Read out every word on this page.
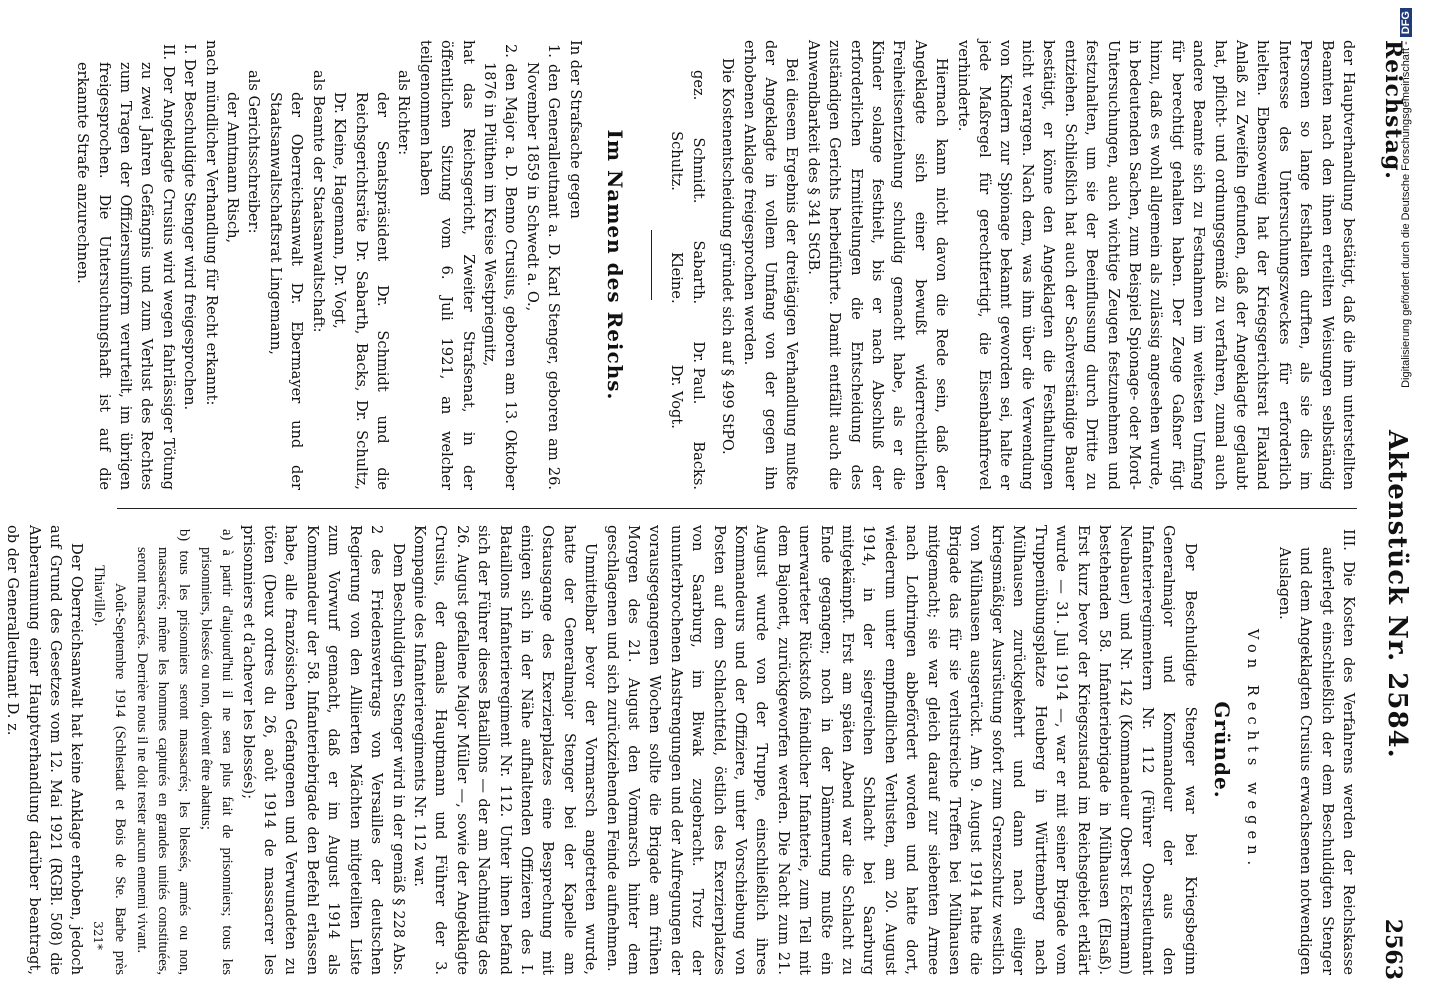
Reichstag.
Aktenstück Nr. 2584.
2563

der Hauptverhandlung bestätigt, daß die ihm unterstellten Beamten nach den ihnen erteilten Weisungen selbständig Personen so lange festhalten durften, als sie dies im Interesse des Untersuchungszweckes für erforderlich hielten. Ebensowenig hat der Kriegsgerichtsrat Flaxland Anlaß zu Zweifeln gefunden, daß der Angeklagte geglaubt hat, pflicht- und ordnungsgemäß zu verfahren, zumal auch andere Beamte sich zu Festnahmen im weitesten Umfang für berechtigt gehalten haben. Der Zeuge Gaßner fügt hinzu, daß es wohl allgemein als zulässig angesehen wurde, in bedeutenden Sachen, zum Beispiel Spionage- oder Mord-Untersuchungen, auch wichtige Zeugen festzunehmen und festzuhalten, um sie der Beeinflussung durch Dritte zu entziehen. Schließlich hat auch der Sachverständige Bauer bestätigt, er könne den Angeklagten die Festhaltungen nicht verargen. Nach dem, was ihm über die Verwendung von Kindern zur Spionage bekannt geworden sei, halte er jede Maßregel für gerechtfertigt, die Eisenbahnfrevel verhinderte.

Hiernach kann nicht davon die Rede sein, daß der Angeklagte sich einer bewußt widerrechtlichen Freiheitsentziehung schuldig gemacht habe, als er die Kinder solange festhielt, bis er nach Abschluß der erforderlichen Ermittelungen die Entscheidung des zuständigen Gerichts herbeiführte. Damit entfällt auch die Anwendbarkeit des § 341 StGB.

Bei diesem Ergebnis der dreitägigen Verhandlung mußte der Angeklagte in vollem Umfang von der gegen ihn erhobenen Anklage freigesprochen werden.

Die Kostenentscheidung gründet sich auf § 499 StPO.

gez.
Schmidt.
Sabarth.
Dr. Paul.
Backs.
Schultz.
Kleine.
Dr. Vogt.
Im Namen des Reichs.

In der Strafsache gegen

1. den Generalleutnant a. D. Karl Stenger, geboren am 26. November 1859 in Schwedt a. O.,

2. den Major a. D. Benno Crusius, geboren am 13. Oktober 1876 in Plüthen im Kreise Westpriegnitz,

hat das Reichsgericht, Zweiter Strafsenat, in der öffentlichen Sitzung vom 6. Juli 1921, an welcher teilgenommen haben

als Richter:

der Senatspräsident Dr. Schmidt und die Reichsgerichtsräte Dr. Sabarth, Backs, Dr. Schultz, Dr. Kleine, Hagemann, Dr. Vogt,

als Beamte der Staatsanwaltschaft:

der Oberreichsanwalt Dr. Ebermayer und der Staatsanwaltschaftsrat Lingemann,

als Gerichtsschreiber:

der Amtmann Risch,

nach mündlicher Verhandlung für Recht erkannt:

I. Der Beschuldigte Stenger wird freigesprochen.

II. Der Angeklagte Crusius wird wegen fahrlässiger Tötung zu zwei Jahren Gefängnis und zum Verlust des Rechtes zum Tragen der Offiziersuniform verurteilt, im übrigen freigesprochen. Die Untersuchungshaft ist auf die erkannte Strafe anzurechnen.

III. Die Kosten des Verfahrens werden der Reichskasse auferlegt einschließlich der dem Beschuldigten Stenger und dem Angeklagten Crusius erwachsenen notwendigen Auslagen.

Von Rechts wegen.

Gründe.

Der Beschuldigte Stenger war bei Kriegsbeginn Generalmajor und Kommandeur der aus den Infanterieregimentern Nr. 112 (Führer Oberstleutnant Neubauer) und Nr. 142 (Kommandeur Oberst Eckermann) bestehenden 58. Infanteriebrigade in Mülhausen (Elsaß). Erst kurz bevor der Kriegszustand im Reichsgebiet erklärt wurde — 31. Juli 1914 —, war er mit seiner Brigade vom Truppenübungsplatze Heuberg in Württemberg nach Mülhausen zurückgekehrt und dann nach eiliger kriegsmäßiger Ausrüstung sofort zum Grenzschutz westlich von Mülhausen ausgerückt. Am 9. August 1914 hatte die Brigade das für sie verlustreiche Treffen bei Mülhausen mitgemacht; sie war gleich darauf zur siebenten Armee nach Lothringen abbefördert worden und hatte dort, wiederum unter empfindlichen Verlusten, am 20. August 1914, in der siegreichen Schlacht bei Saarburg mitgekämpft. Erst am späten Abend war die Schlacht zu Ende gegangen; noch in der Dämmerung mußte ein unerwarteter Rückstoß feindlicher Infanterie, zum Teil mit dem Bajonett, zurückgeworfen werden. Die Nacht zum 21. August wurde von der Truppe, einschließlich ihres Kommandeurs und der Offiziere, unter Vorschiebung von Posten auf dem Schlachtfeld, östlich des Exerzierplatzes von Saarburg, im Biwak zugebracht. Trotz der ununterbrochenen Anstrengungen und der Aufregungen der vorausgegangenen Wochen sollte die Brigade am frühen Morgen des 21. August den Vormarsch hinter dem geschlagenen und sich zurückziehenden Feinde aufnehmen.

Unmittelbar bevor der Vormarsch angetreten wurde, hatte der Generalmajor Stenger bei der Kapelle am Ostausgange des Exerzierplatzes eine Besprechung mit einigen sich in der Nähe aufhaltenden Offizieren des I. Bataillons Infanterieregiment Nr. 112. Unter ihnen befand sich der Führer dieses Bataillons — der am Nachmittag des 26. August gefallene Major Müller —, sowie der Angeklagte Crusius, der damals Hauptmann und Führer der 3. Kompagnie des Infanterieregiments Nr. 112 war.

Dem Beschuldigten Stenger wird in der gemäß § 228 Abs. 2 des Friedensvertrags von Versailles der deutschen Regierung von den Alliierten Mächten mitgeteilten Liste zum Vorwurf gemacht, daß er im August 1914 als Kommandeur der 58. Infanteriebrigade den Befehl erlassen habe, alle französischen Gefangenen und Verwundeten zu töten (Deux ordres du 26, août 1914 de massacrer les prisonniers et d'achever les blessés);

a) à partir d'aujourd'hui il ne sera plus fait de prisonniers; tous les prisonniers, blessés ou non, doivent être abattus;

b) tous les prisonniers seront massacrés; les blessés, armés ou non, massacrés; même les hommes capturés en grandes unités constituées, seront massacrés. Derrière nous il ne doit rester aucun ennemi vivant.

Août-Septembre 1914 (Schlestadt et Bois de Ste. Barbe près Thiaville).

Der Oberreichsanwalt hat keine Anklage erhoben, jedoch auf Grund des Gesetzes vom 12. Mai 1921 (RGBl. 508) die Anberaumung einer Hauptverhandlung darüber beantragt, ob der Generalleutnant D. z.

321*
Digitalisierung gefördert durch die Deutsche Forschungsgemeinschaft -DFG
